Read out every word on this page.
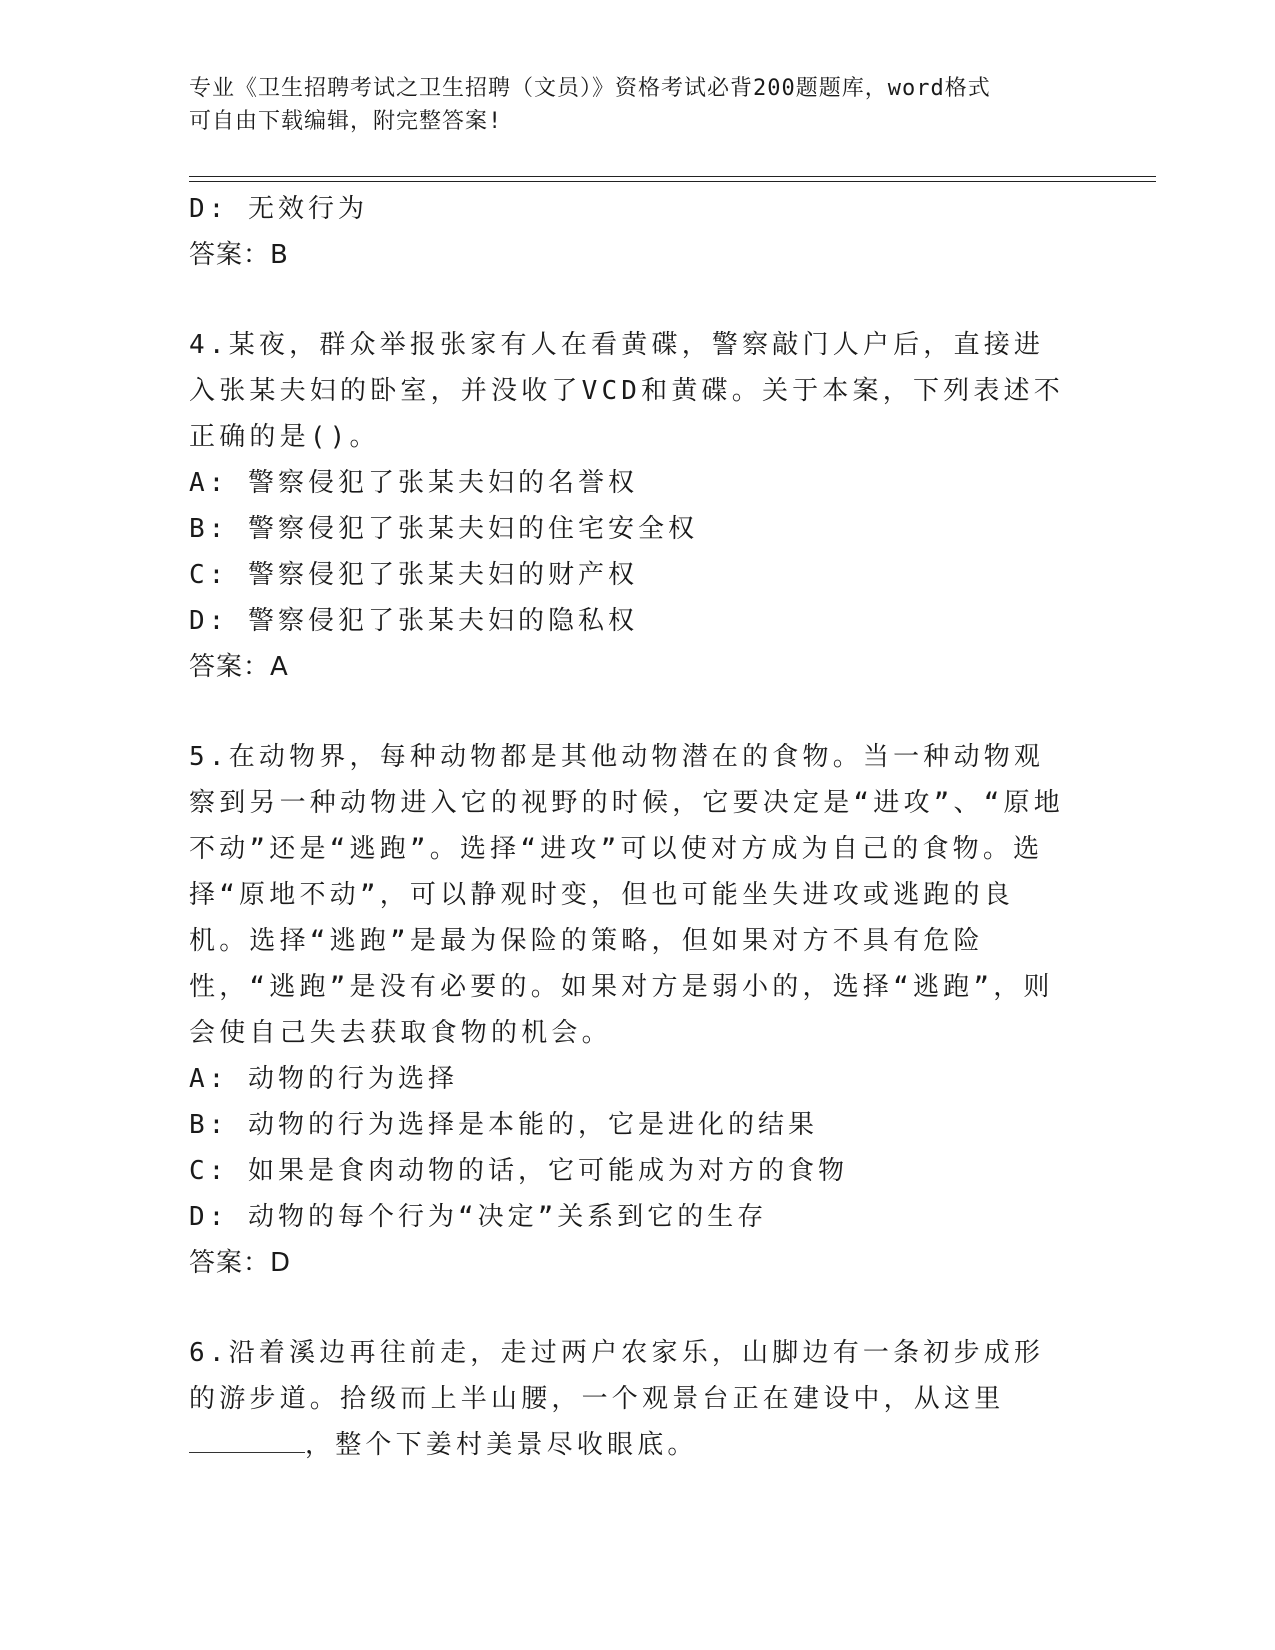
专业《卫生招聘考试之卫生招聘（文员）》资格考试必背200题题库，word格式
可自由下载编辑，附完整答案!
D: 无效行为
答案：B
4.某夜，群众举报张家有人在看黄碟，警察敲门人户后，直接进入张某夫妇的卧室，并没收了VCD和黄碟。关于本案，下列表述不正确的是()。
A: 警察侵犯了张某夫妇的名誉权
B: 警察侵犯了张某夫妇的住宅安全权
C: 警察侵犯了张某夫妇的财产权
D: 警察侵犯了张某夫妇的隐私权
答案：A
5.在动物界，每种动物都是其他动物潜在的食物。当一种动物观察到另一种动物进入它的视野的时候，它要决定是“进攻”、“原地不动”还是“逃跑”。选择“进攻”可以使对方成为自己的食物。选择“原地不动”，可以静观时变，但也可能坐失进攻或逃跑的良机。选择“逃跑”是最为保险的策略，但如果对方不具有危险性，“逃跑”是没有必要的。如果对方是弱小的，选择“逃跑”，则会使自己失去获取食物的机会。
A: 动物的行为选择
B: 动物的行为选择是本能的，它是进化的结果
C: 如果是食肉动物的话，它可能成为对方的食物
D: 动物的每个行为“决定”关系到它的生存
答案：D
6.沿着溪边再往前走，走过两户农家乐，山脚边有一条初步成形的游步道。拾级而上半山腰，一个观景台正在建设中，从这里，整个下姜村美景尽收眼底。
